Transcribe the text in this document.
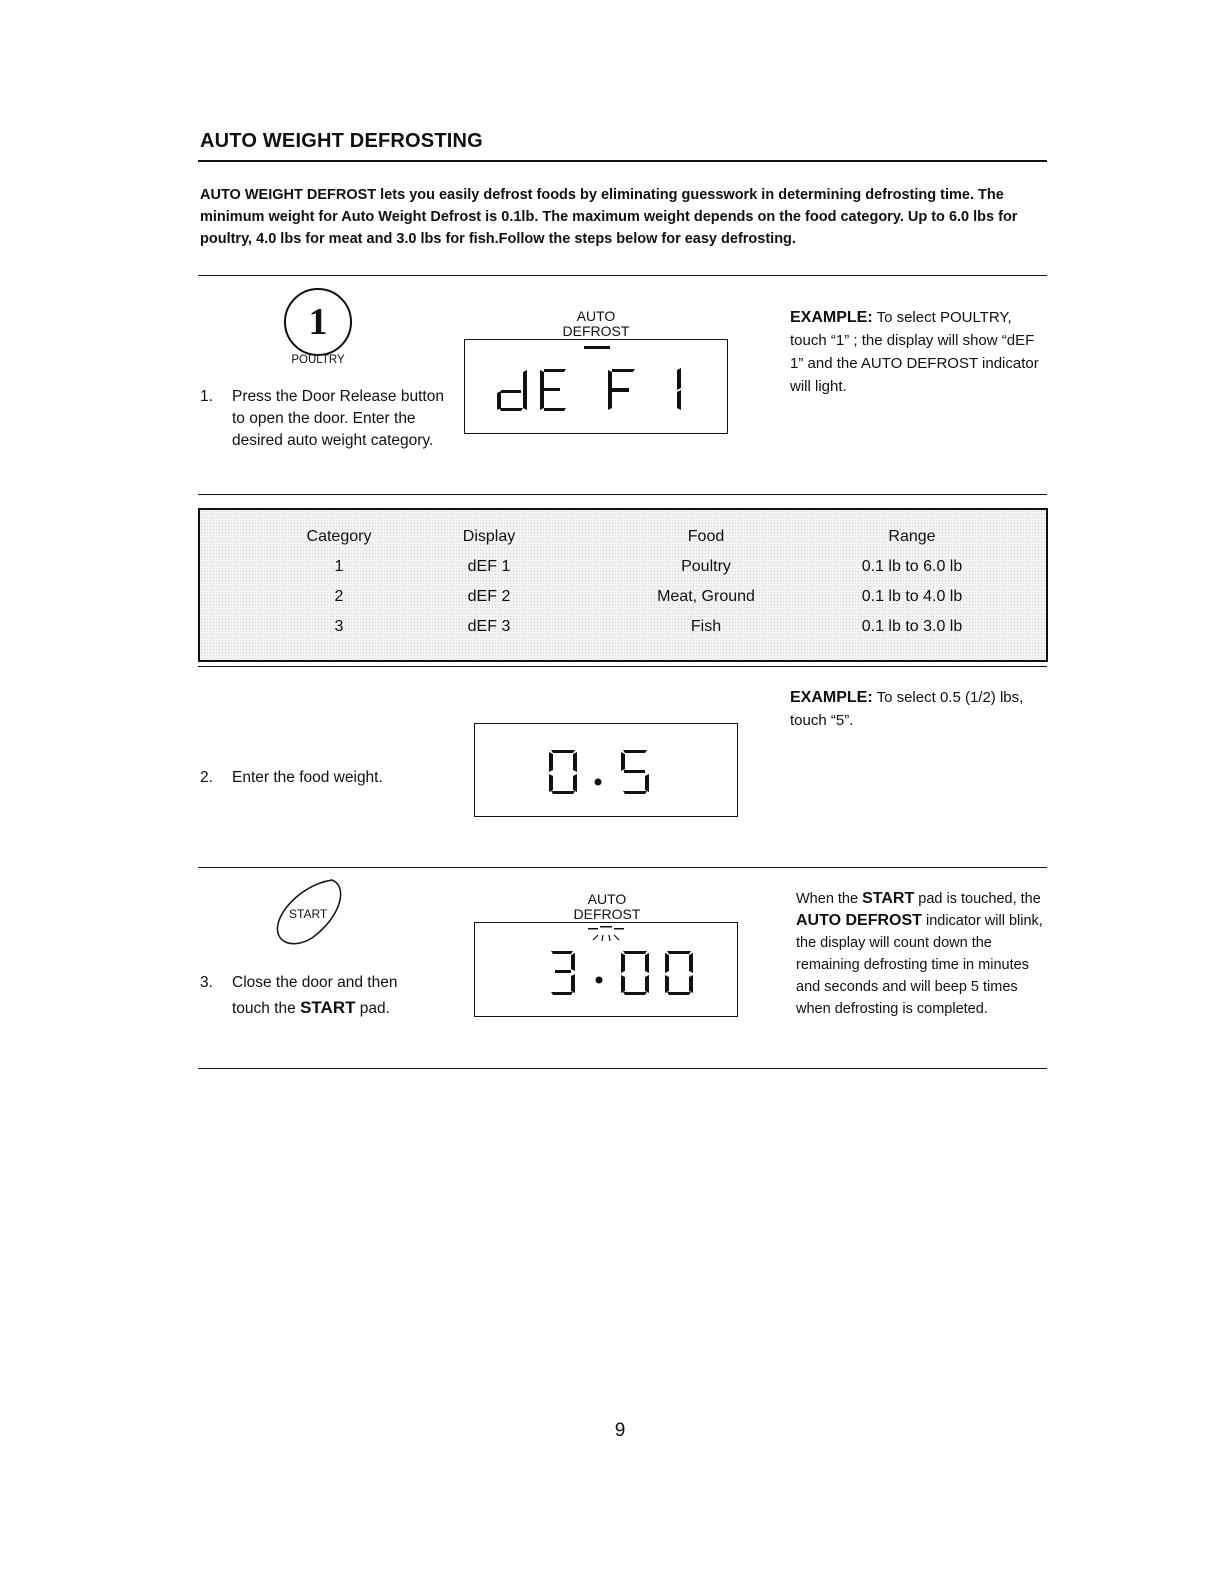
AUTO WEIGHT DEFROSTING
AUTO WEIGHT DEFROST lets you easily defrost foods by eliminating guesswork in determining defrosting time. The minimum weight for Auto Weight Defrost is 0.1lb. The maximum weight depends on the food category. Up to 6.0 lbs for poultry, 4.0 lbs for meat and 3.0 lbs for fish.Follow the steps below for easy defrosting.
1
POULTRY
1. Press the Door Release button to open the door. Enter the desired auto weight category.
AUTO
DEFROST
EXAMPLE: To select POULTRY, touch “1” ; the display will show “dEF 1” and the AUTO DEFROST indicator will light.
Category	Display	Food	Range
1	dEF 1	Poultry	0.1 lb to 6.0 lb
2	dEF 2	Meat, Ground	0.1 lb to 4.0 lb
3	dEF 3	Fish	0.1 lb to 3.0 lb
EXAMPLE: To select 0.5 (1/2) lbs, touch “5”.
2. Enter the food weight.
START
3. Close the door and then touch the START pad.
AUTO
DEFROST
When the START pad is touched, the AUTO DEFROST indicator will blink, the display will count down the remaining defrosting time in minutes and seconds and will beep 5 times when defrosting is completed.
9
